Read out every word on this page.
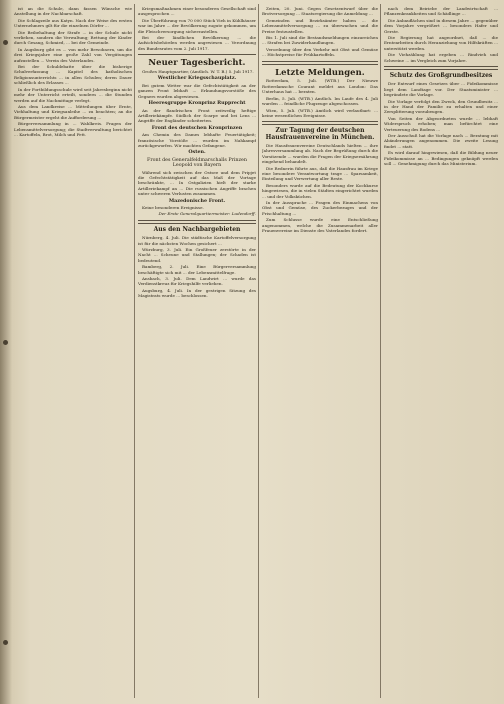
ist an die Schule, dann fassen Wünsche wie Anstellung in der Nachbarschaft.

Die Schlagzeile aus Katyn. Nach der Weise des ersten Unternehmers gilt für die einzelnen Dörfer ...

Die Beibehaltung der Strafe ... in der Schule nicht verliehen, sondern die Verwaltung; Rettung der Kinder durch Gesang, Schmied, ... bei der Gemeinde.

In Augsburg gibt es ... von mehr Bewohnern, um die drei Kriegsjahre eine große Zahl von Vergütungen aufzustellen ... Verein des Vaterlandes.

Bei der Schuldebatte über die bisherige Schulverfassung ... Kapitel des katholischen Religionsunterrichts ... in allen Schulen; deren Dauer schließlich des Erlasses ...

In der Fortbildungsschule wird seit Jahresbeginn nicht mehr der Unterricht erteilt, sondern ... die Stunden werden auf die Nachmittage verlegt.

Aus dem Landkreise ... Mitteilungen über Ernte, Viehhaltung und Kriegsanleihe ... zu beachten; an die Bürgermeister ergeht die Aufforderung ...

Bürgerversammlung in ... Wahlkreis. Fragen der Lebensmittelversorgung; die Stadtverwaltung berichtet ... Kartoffeln, Brot, Milch und Fett.

Kriegsmaßnahmen einer besonderen Gesellschaft sind ausgesprochen ...

Die Überführung von 70 000 Stück Vieh in Kühlhäuser war im Jahre ... der Bevölkerung zugute gekommen, um die Fleischversorgung sicherzustellen.

Bei der ländlichen Bevölkerung ... die Aufsichtsbehörden werden angewiesen ... Verordnung des Bundesrates vom 2. Juli 1917.

Neuer Tagesbericht.

Großes Hauptquartier, (Amtlich. W. T. B.) 5. Juli 1917.

Westlicher Kriegsschauplatz.

Bei gutem Wetter war die Gefechtstätigkeit an der ganzen Front lebhaft ... Erkundungsvorstöße des Gegners wurden abgewiesen.

Heeresgruppe Kronprinz Rupprecht

An der flandrischen Front zeitweilig heftige Artilleriekämpfe. Südlich der Scarpe und bei Lens ... Angriffe der Engländer scheiterten.

Front des deutschen Kronprinzen

Am Chemin des Dames lebhafte Feuertätigkeit; französische Vorstöße ... wurden im Nahkampf zurückgeworfen. Wir machten Gefangene.

Osten.
Front des Generalfeldmarschalls Prinzen Leopold von Bayern

Während sich zwischen der Ostsee und dem Pripjet die Gefechtstätigkeit auf das Maß der Vortage beschränkte, ... In Ostgalizien hielt der starke Artilleriekampf an ... Die russischen Angriffe brachen unter schweren Verlusten zusammen.

Mazedonische Front.

Keine besonderen Ereignisse.

Der Erste Generalquartiermeister: Ludendorff.
Aus den Nachbargebieten

Nürnberg, 4. Juli. Die städtische Kartoffelversorgung ist für die nächsten Wochen gesichert ...

Würzburg, 3. Juli. Ein Großfeuer zerstörte in der Nacht ... Scheune und Stallungen; der Schaden ist bedeutend.

Bamberg, 2. Juli. Eine Bürgerversammlung beschäftigte sich mit ... der Lebensmittelfrage.

Ansbach, 3. Juli. Dem Landwirt ... wurde das Verdienstkreuz für Kriegshilfe verliehen.

Augsburg, 4. Juli. In der gestrigen Sitzung des Magistrats wurde ... beschlossen.

Zeiten, 20. Juni. Gegen Gesetzentwurf über die Brotversorgung ... Staatsregierung die Anmeldung ...

Gemeinden und Bezirksämter haben ... die Lebensmittelversorgung ... zu überwachen und die Preise festzustellen.

Bis 1. Juli sind die Bestandsmeldungen einzureichen ... Strafen bei Zuwiderhandlungen.

Verordnung über den Verkehr mit Obst und Gemüse ... Höchstpreise für Frühkartoffeln.

Letzte Meldungen.

Rotterdam, 5. Juli. (WTB.) Der Nieuwe Rotterdamsche Courant meldet aus London: Das Unterhaus hat ... beraten.

Berlin, 5. Juli. (WTB.) Amtlich. Im Laufe des 4. Juli wurden ... feindliche Flugzeuge abgeschossen.

Wien, 5. Juli. (WTB.) Amtlich wird verlautbart: ... keine wesentlichen Ereignisse.

Zur Tagung der deutschen Hausfrauenvereine in München.

Die Hausfrauenvereine Deutschlands hielten ... ihre Jahresversammlung ab. Nach der Begrüßung durch die Vorsitzende ... wurden die Fragen der Kriegsernährung eingehend behandelt.

Die Rednerin führte aus, daß die Hausfrau im Kriege eine besondere Verantwortung trage ... Sparsamkeit, Einteilung und Verwertung aller Reste.

Besonders wurde auf die Bedeutung der Kochkurse hingewiesen, die in vielen Städten eingerichtet wurden ... und der Volksküchen.

In der Aussprache ... Fragen des Einmachens von Obst und Gemüse, des Zuckerbezuges und der Frischhaltung ...

Zum Schlusse wurde eine Entschließung angenommen, welche die Zusammenarbeit aller Frauenvereine im Dienste des Vaterlandes fordert.

nach dem Beiriebe der Landwirtschaft ... Pflanzenkrankheiten und Schädlinge ...

Die Anbauflächen sind in diesem Jahre ... gegenüber dem Vorjahre vergrößert ... besonders Hafer und Gerste.

Die Regierung hat angeordnet, daß ... die Erntearbeiten durch Heranziehung von Hilfskräften ... unterstützt werden.

Die Viehzählung hat ergeben ... Rindvieh und Schweine ... im Vergleich zum Vorjahre.

Schutz des Großgrundbesitzes

Der Entwurf eines Gesetzes über ... Fideikommisse liegt dem Landtage vor. Der Staatsminister ... begründete die Vorlage.

Die Vorlage verfolgt den Zweck, den Grundbesitz ... in der Hand der Familie zu erhalten und einer Zersplitterung vorzubeugen.

Von Seiten der Abgeordneten wurde ... lebhaft Widerspruch erhoben; man befürchtet eine Verteuerung des Bodens ...

Der Ausschuß hat die Vorlage nach ... Beratung mit Abänderungen angenommen. Die zweite Lesung findet ... statt.

Es wird darauf hingewiesen, daß die Bildung neuer Fideikommisse an ... Bedingungen geknüpft werden soll ... Genehmigung durch das Ministerium.
